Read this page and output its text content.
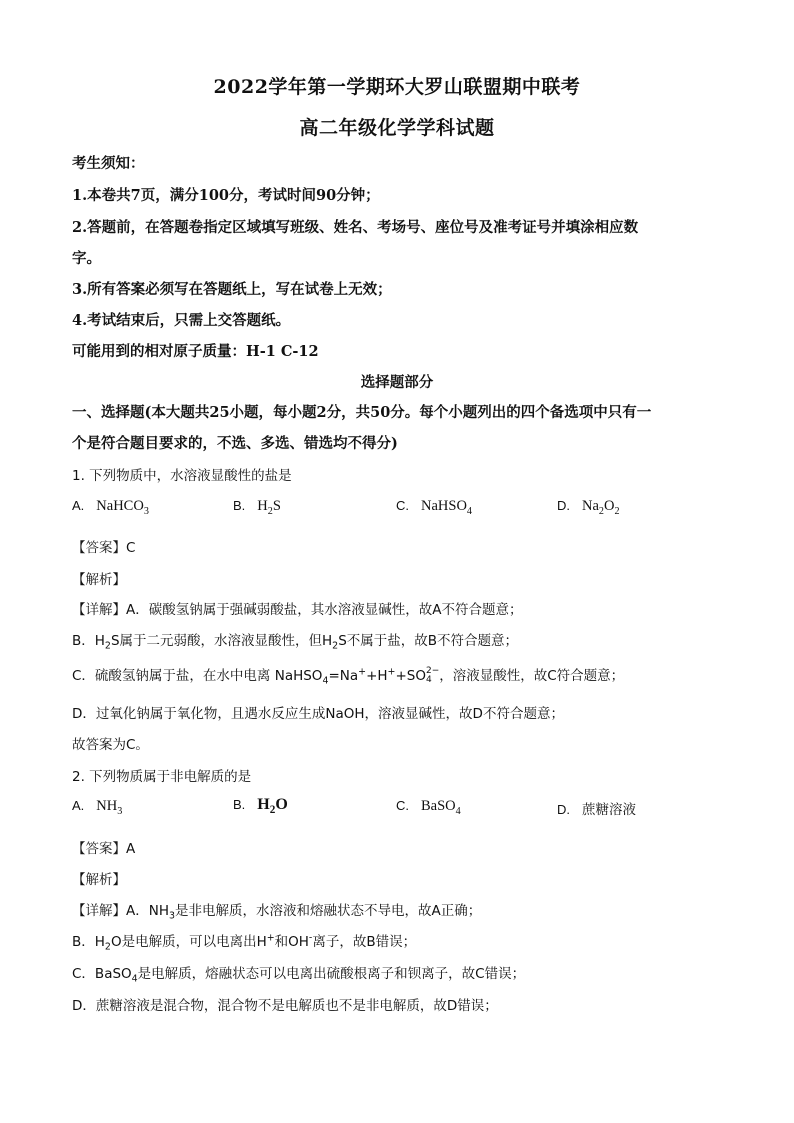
2022学年第一学期环大罗山联盟期中联考
高二年级化学学科试题
考生须知：
1.本卷共7页，满分100分，考试时间90分钟；
2.答题前，在答题卷指定区域填写班级、姓名、考场号、座位号及准考证号并填涂相应数
字。
3.所有答案必须写在答题纸上，写在试卷上无效；
4.考试结束后，只需上交答题纸。
可能用到的相对原子质量：H-1 C-12
选择题部分
一、选择题(本大题共25小题，每小题2分，共50分。每个小题列出的四个备选项中只有一
个是符合题目要求的，不选、多选、错选均不得分)
1. 下列物质中，水溶液显酸性的盐是
A. NaHCO$_3$	B. $H_2S$	C. NaHSO$_4$	D. $Na_2O_2$
【答案】C
【解析】
【详解】A．碳酸氢钠属于强碱弱酸盐，其水溶液显碱性，故A不符合题意；
B．$H_2S$属于二元弱酸，水溶液显酸性，但$H_2S$不属于盐，故B不符合题意；
C．硫酸氢钠属于盐，在水中电离 NaHSO$_4$=Na++H++SO 2−
4 ，溶液显酸性，故C符合题意；
D．过氧化钠属于氧化物，且遇水反应生成NaOH，溶液显碱性，故D不符合题意；
故答案为C。
2. 下列物质属于非电解质的是
A. $NH_3$	B. $H_2O$	C. BaSO$_4$	D. 蔗糖溶液
【答案】A
【解析】
【详解】A．$NH_3$是非电解质，水溶液和熔融状态不导电，故A正确；
B．$H_2O$是电解质，可以电离出H+和OH-离子，故B错误；
C．BaSO$_4$是电解质，熔融状态可以电离出硫酸根离子和钡离子，故C错误；
D．蔗糖溶液是混合物，混合物不是电解质也不是非电解质，故D错误；
